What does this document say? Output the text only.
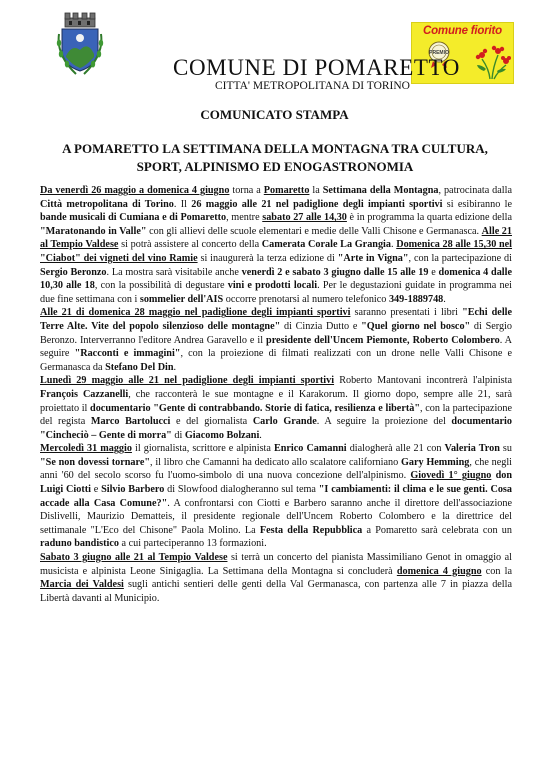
Comune fiorito
PREMIO
COMUNE DI POMARETTO
CITTA' METROPOLITANA DI TORINO
COMUNICATO STAMPA
A POMARETTO LA SETTIMANA DELLA MONTAGNA TRA CULTURA, SPORT, ALPINISMO ED ENOGASTRONOMIA

Da venerdì 26 maggio a domenica 4 giugno torna a Pomaretto la Settimana della Montagna, patrocinata dalla Città metropolitana di Torino. Il 26 maggio alle 21 nel padiglione degli impianti sportivi si esibiranno le bande musicali di Cumiana e di Pomaretto, mentre sabato 27 alle 14,30 è in programma la quarta edizione della "Maratonando in Valle" con gli allievi delle scuole elementari e medie delle Valli Chisone e Germanasca. Alle 21 al Tempio Valdese si potrà assistere al concerto della Camerata Corale La Grangia. Domenica 28 alle 15,30 nel "Ciabot" dei vigneti del vino Ramie si inaugurerà la terza edizione di "Arte in Vigna", con la partecipazione di Sergio Beronzo. La mostra sarà visitabile anche venerdì 2 e sabato 3 giugno dalle 15 alle 19 e domenica 4 dalle 10,30 alle 18, con la possibilità di degustare vini e prodotti locali. Per le degustazioni guidate in programma nei due fine settimana con i sommelier dell'AIS occorre prenotarsi al numero telefonico 349-1889748.

Alle 21 di domenica 28 maggio nel padiglione degli impianti sportivi saranno presentati i libri "Echi delle Terre Alte. Vite del popolo silenzioso delle montagne" di Cinzia Dutto e "Quel giorno nel bosco" di Sergio Beronzo. Interverranno l'editore Andrea Garavello e il presidente dell'Uncem Piemonte, Roberto Colombero. A seguire "Racconti e immagini", con la proiezione di filmati realizzati con un drone nelle Valli Chisone e Germanasca da Stefano Del Din.

Lunedì 29 maggio alle 21 nel padiglione degli impianti sportivi Roberto Mantovani incontrerà l'alpinista François Cazzanelli, che racconterà le sue montagne e il Karakorum. Il giorno dopo, sempre alle 21, sarà proiettato il documentario "Gente di contrabbando. Storie di fatica, resilienza e libertà", con la partecipazione del regista Marco Bartolucci e del giornalista Carlo Grande. A seguire la proiezione del documentario "Cincheciò – Gente di morra" di Giacomo Bolzani.

Mercoledì 31 maggio il giornalista, scrittore e alpinista Enrico Camanni dialogherà alle 21 con Valeria Tron su "Se non dovessi tornare", il libro che Camanni ha dedicato allo scalatore californiano Gary Hemming, che negli anni '60 del secolo scorso fu l'uomo-simbolo di una nuova concezione dell'alpinismo. Giovedì 1° giugno don Luigi Ciotti e Silvio Barbero di Slowfood dialogheranno sul tema "I cambiamenti: il clima e le sue genti. Cosa accade alla Casa Comune?". A confrontarsi con Ciotti e Barbero saranno anche il direttore dell'associazione Dislivelli, Maurizio Dematteis, il presidente regionale dell'Uncem Roberto Colombero e la direttrice del settimanale "L'Eco del Chisone" Paola Molino. La Festa della Repubblica a Pomaretto sarà celebrata con un raduno bandistico a cui parteciperanno 13 formazioni.

Sabato 3 giugno alle 21 al Tempio Valdese si terrà un concerto del pianista Massimiliano Genot in omaggio al musicista e alpinista Leone Sinigaglia. La Settimana della Montagna si concluderà domenica 4 giugno con la Marcia dei Valdesi sugli antichi sentieri delle genti della Val Germanasca, con partenza alle 7 in piazza della Libertà davanti al Municipio.
